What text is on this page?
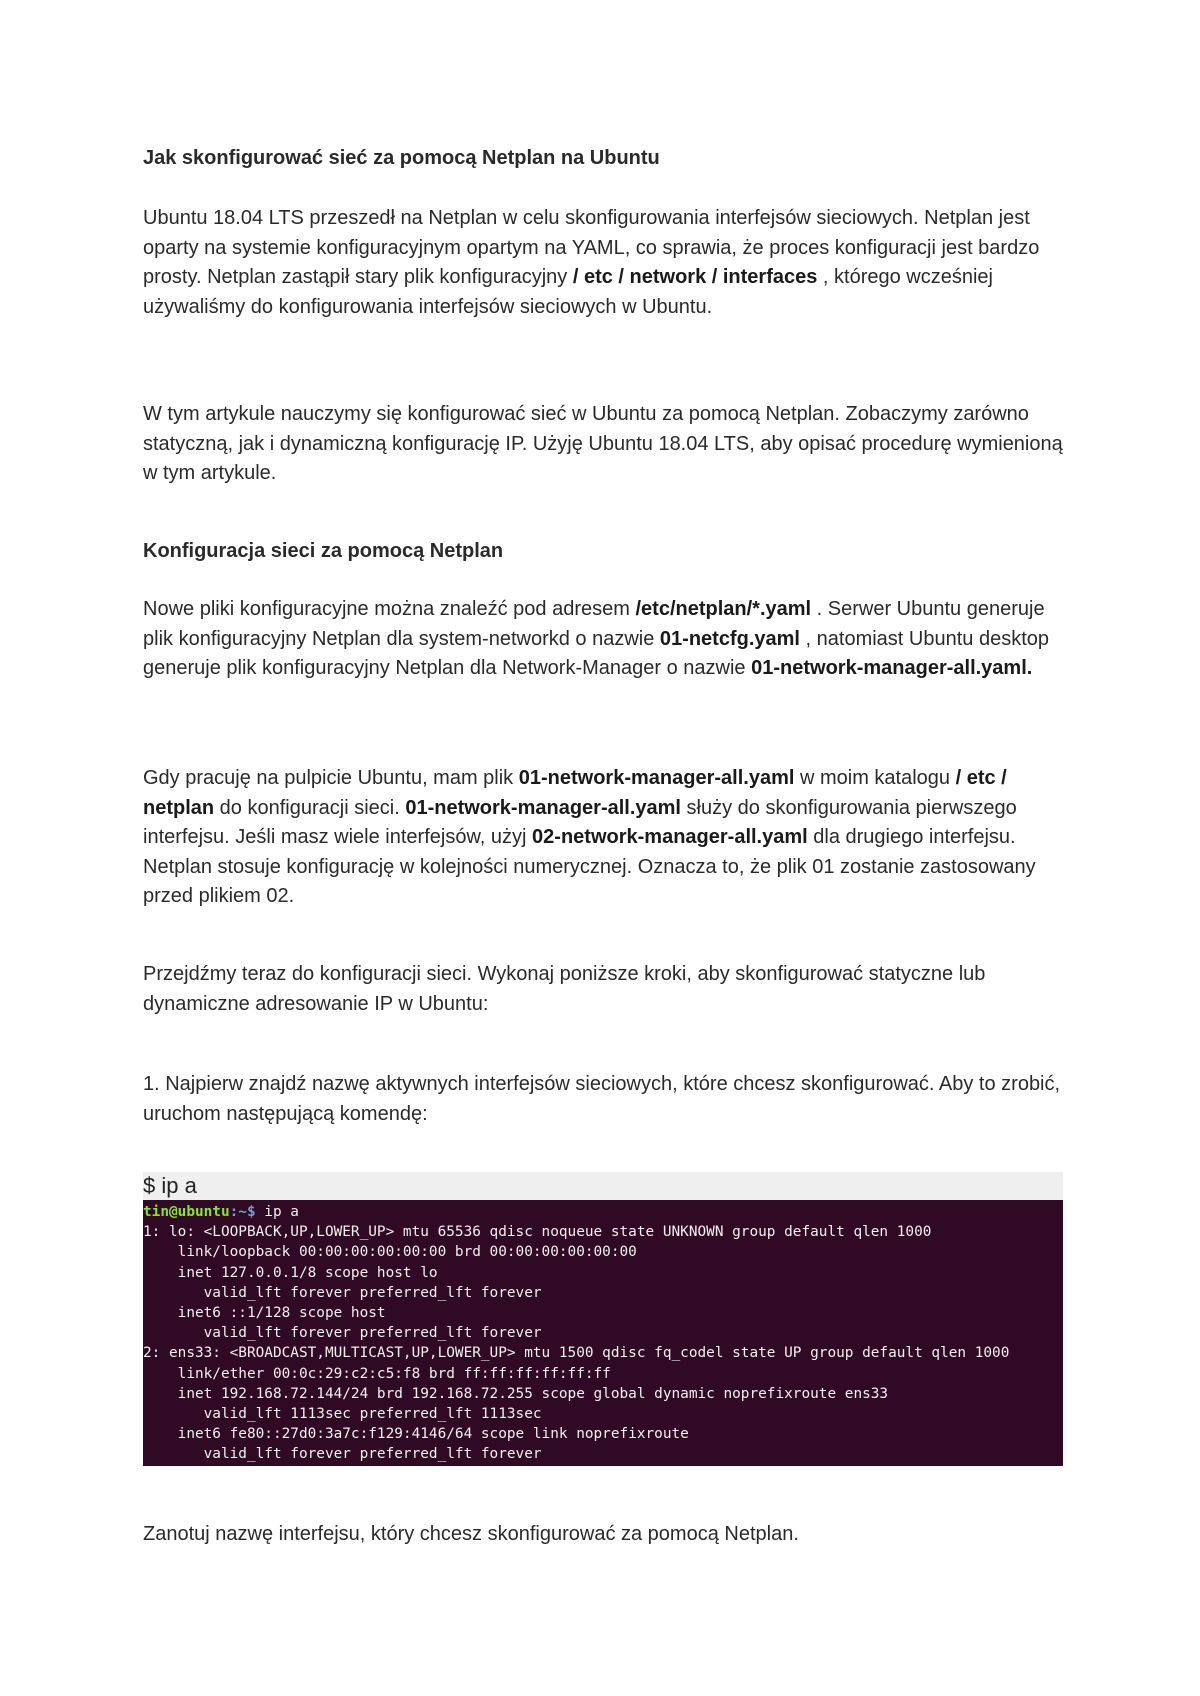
Jak skonfigurować sieć za pomocą Netplan na Ubuntu

Ubuntu 18.04 LTS przeszedł na Netplan w celu skonfigurowania interfejsów sieciowych. Netplan jest oparty na systemie konfiguracyjnym opartym na YAML, co sprawia, że proces konfiguracji jest bardzo prosty. Netplan zastąpił stary plik konfiguracyjny / etc / network / interfaces , którego wcześniej używaliśmy do konfigurowania interfejsów sieciowych w Ubuntu.

W tym artykule nauczymy się konfigurować sieć w Ubuntu za pomocą Netplan. Zobaczymy zarówno statyczną, jak i dynamiczną konfigurację IP. Użyję Ubuntu 18.04 LTS, aby opisać procedurę wymienioną w tym artykule.

Konfiguracja sieci za pomocą Netplan

Nowe pliki konfiguracyjne można znaleźć pod adresem /etc/netplan/*.yaml . Serwer Ubuntu generuje plik konfiguracyjny Netplan dla system-networkd o nazwie 01-netcfg.yaml , natomiast Ubuntu desktop generuje plik konfiguracyjny Netplan dla Network-Manager o nazwie 01-network-manager-all.yaml.

Gdy pracuję na pulpicie Ubuntu, mam plik 01-network-manager-all.yaml w moim katalogu / etc / netplan do konfiguracji sieci. 01-network-manager-all.yaml służy do skonfigurowania pierwszego interfejsu. Jeśli masz wiele interfejsów, użyj 02-network-manager-all.yaml dla drugiego interfejsu. Netplan stosuje konfigurację w kolejności numerycznej. Oznacza to, że plik 01 zostanie zastosowany przed plikiem 02.

Przejdźmy teraz do konfiguracji sieci. Wykonaj poniższe kroki, aby skonfigurować statyczne lub dynamiczne adresowanie IP w Ubuntu:

1. Najpierw znajdź nazwę aktywnych interfejsów sieciowych, które chcesz skonfigurować. Aby to zrobić, uruchom następującą komendę:

$ ip a
tin@ubuntu:~$ ip a
1: lo: <LOOPBACK,UP,LOWER_UP> mtu 65536 qdisc noqueue state UNKNOWN group default qlen 1000
link/loopback 00:00:00:00:00:00 brd 00:00:00:00:00:00
inet 127.0.0.1/8 scope host lo
valid_lft forever preferred_lft forever
inet6 ::1/128 scope host
valid_lft forever preferred_lft forever
2: ens33: <BROADCAST,MULTICAST,UP,LOWER_UP> mtu 1500 qdisc fq_codel state UP group default qlen 1000
link/ether 00:0c:29:c2:c5:f8 brd ff:ff:ff:ff:ff:ff
inet 192.168.72.144/24 brd 192.168.72.255 scope global dynamic noprefixroute ens33
valid_lft 1113sec preferred_lft 1113sec
inet6 fe80::27d0:3a7c:f129:4146/64 scope link noprefixroute
valid_lft forever preferred_lft forever

Zanotuj nazwę interfejsu, który chcesz skonfigurować za pomocą Netplan.
